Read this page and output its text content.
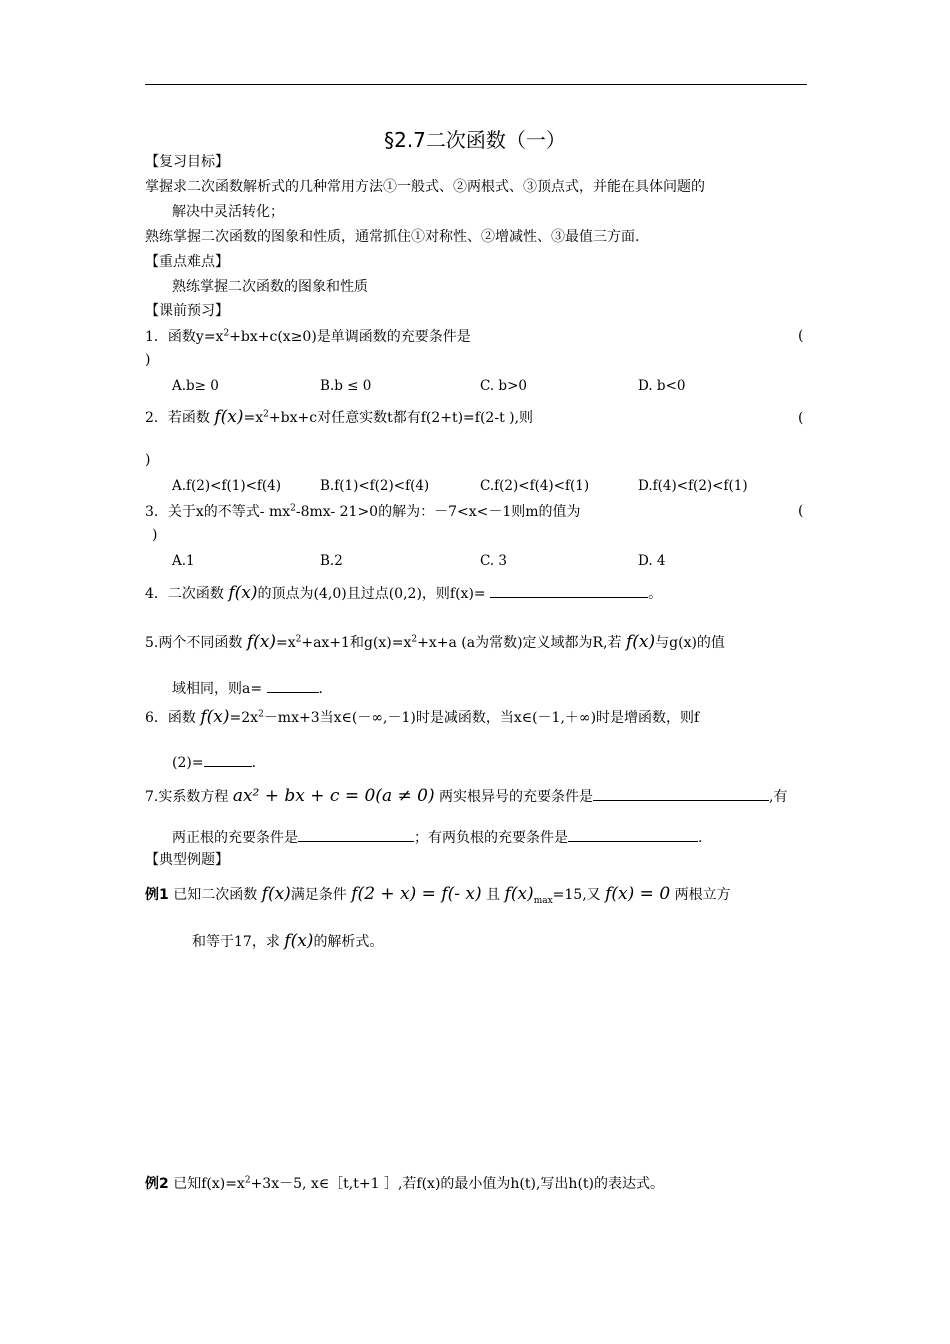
§2.7二次函数（一）
【复习目标】
掌握求二次函数解析式的几种常用方法①一般式、②两根式、③顶点式，并能在具体问题的
解决中灵活转化；
熟练掌握二次函数的图象和性质，通常抓住①对称性、②增减性、③最值三方面.
【重点难点】
熟练掌握二次函数的图象和性质
【课前预习】
1．函数$y=x^2+bx+c(x\ge 0)$是单调函数的充要条件是	(
)
A.b≥ 0	B.b ≤ 0	C. b>0	D. b<0
2．若函数 $f(x)=x^2+bx+c$对任意实数t都有f(2+t)=f(2-t ),则	(
)
A.f(2)<f(1)<f(4)	B.f(1)<f(2)<f(4)	C.f(2)<f(4)<f(1)	D.f(4)<f(2)<f(1)
3．关于x的不等式- $mx^2-8mx-$ 21>0的解为：－7<x<－1则m的值为	(
)
A.1	B.2	C. 3	D. 4
4．二次函数 f(x)的顶点为(4,0)且过点(0,2)，则f(x)=	。
5.两个不同函数 $f(x)=x^2+ax+1$和$g(x)=x^2+x+a$ (a为常数)定义域都为R,若 f(x)与g(x)的值
域相同，则a=	.
6．函数 $f(x)=2x^2-mx+3$当x∈(－∞,－1)时是减函数，当x∈(－1,＋∞)时是增函数，则f
(2)=	.
7.实系数方程 ax² + bx + c = 0(a ≠ 0) 两实根异号的充要条件是	,有
两正根的充要条件是	；有两负根的充要条件是	.
【典型例题】
例1 已知二次函数 f(x)满足条件 f(2 + x) = f(- x) 且 $f(x)_{max}=15$,又 f(x) = 0 两根立方
和等于17，求 f(x)的解析式。
例2 已知$f(x)=x^2+3x-5$, x∈［t,t+1 ］,若f(x)的最小值为h(t),写出h(t)的表达式。
